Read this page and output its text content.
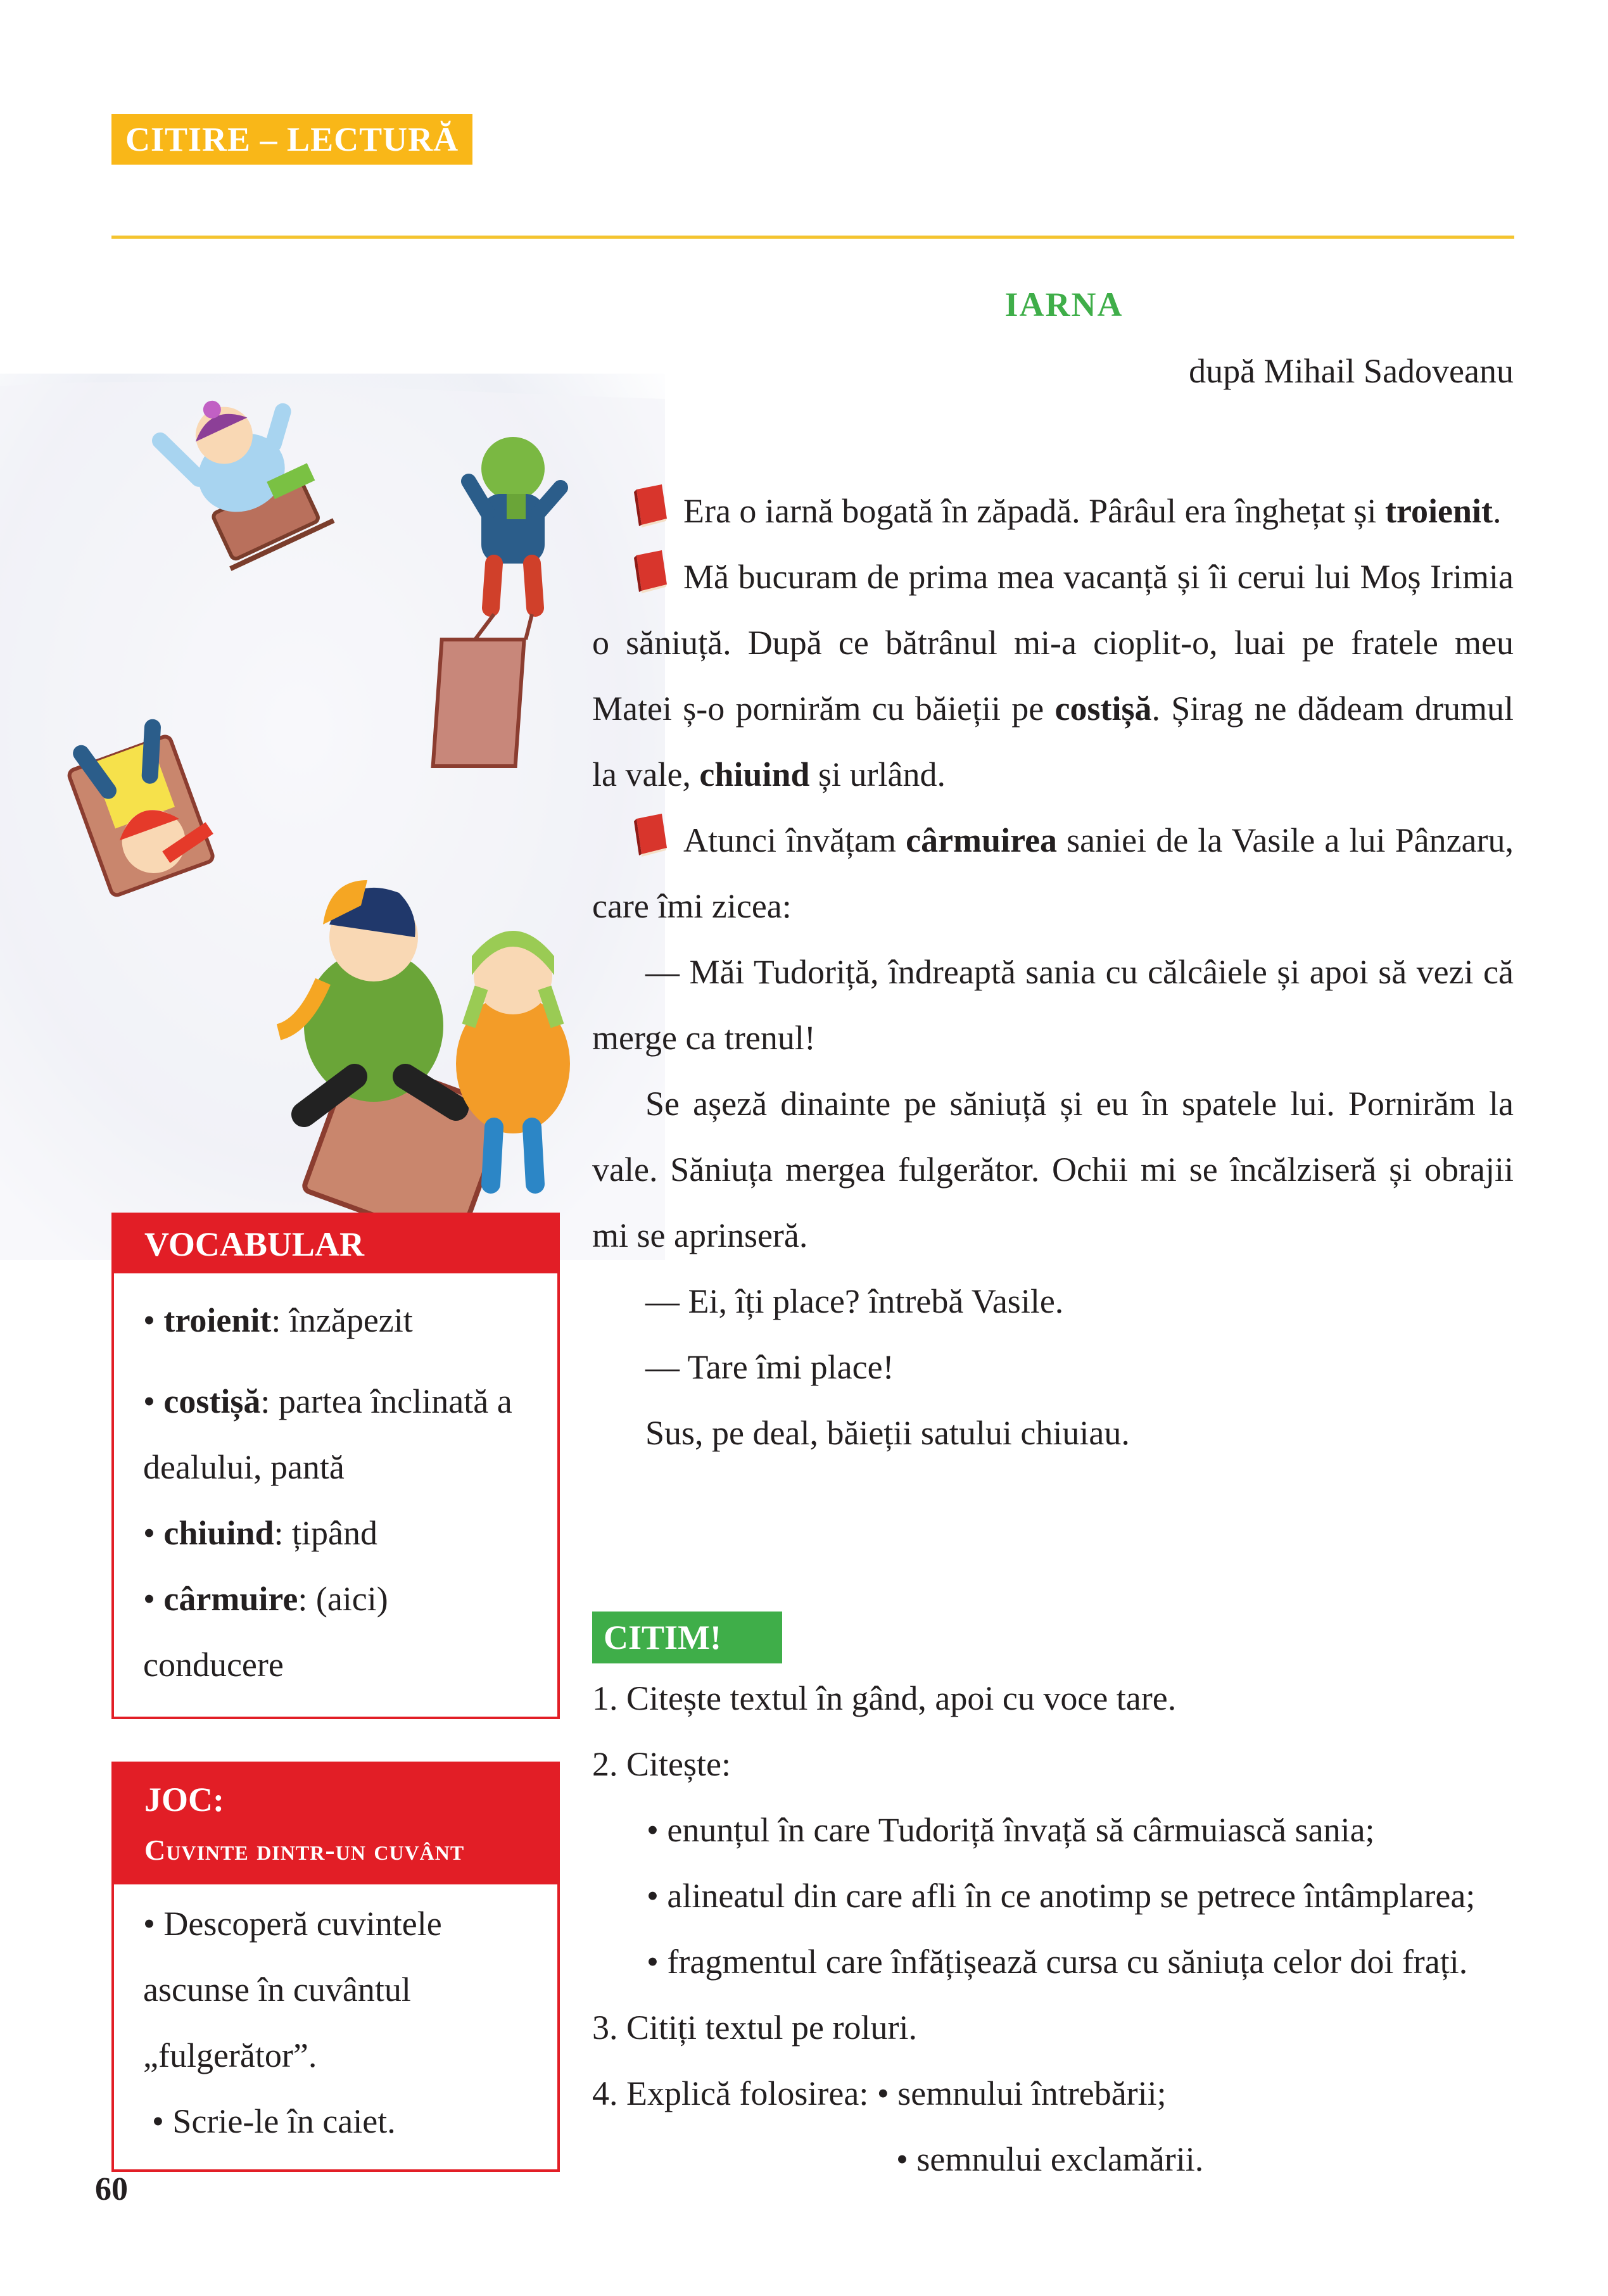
CITIRE – LECTURĂ
IARNA
după Mihail Sadoveanu

Era o iarnă bogată în zăpadă. Pârâul era înghețat și troienit.

Mă bucuram de prima mea vacanță și îi cerui lui Moș Irimia o săniuță. După ce bătrânul mi-a cioplit-o, luai pe fratele meu Matei ș-o pornirăm cu băieții pe costișă. Șirag ne dădeam drumul la vale, chiuind și urlând.

Atunci învățam cârmuirea saniei de la Vasile a lui Pânzaru, care îmi zicea:

— Măi Tudoriță, îndreaptă sania cu călcâiele și apoi să vezi că merge ca trenul!

Se așeză dinainte pe săniuță și eu în spatele lui. Pornirăm la vale. Săniuța mergea fulgerător. Ochii mi se încălziseră și obrajii mi se aprinseră.

— Ei, îți place? întrebă Vasile.

— Tare îmi place!

Sus, pe deal, băieții satului chiuiau.

VOCABULAR
• troienit: înzăpezit
• costișă: partea înclinată a dealului, pantă
• chiuind: țipând
• cârmuire: (aici) conducere
JOC:
Cuvinte dintr-un cuvânt
• Descoperă cuvintele ascunse în cuvântul „fulgerător”.
• Scrie-le în caiet.
CITIM!
1. Citește textul în gând, apoi cu voce tare.
2. Citește:
• enunțul în care Tudoriță învață să cârmuiască sania;
• alineatul din care afli în ce anotimp se petrece întâmplarea;
• fragmentul care înfățișează cursa cu săniuța celor doi frați.
3. Citiți textul pe roluri.
4. Explică folosirea: • semnului întrebării;
• semnului exclamării.
60
